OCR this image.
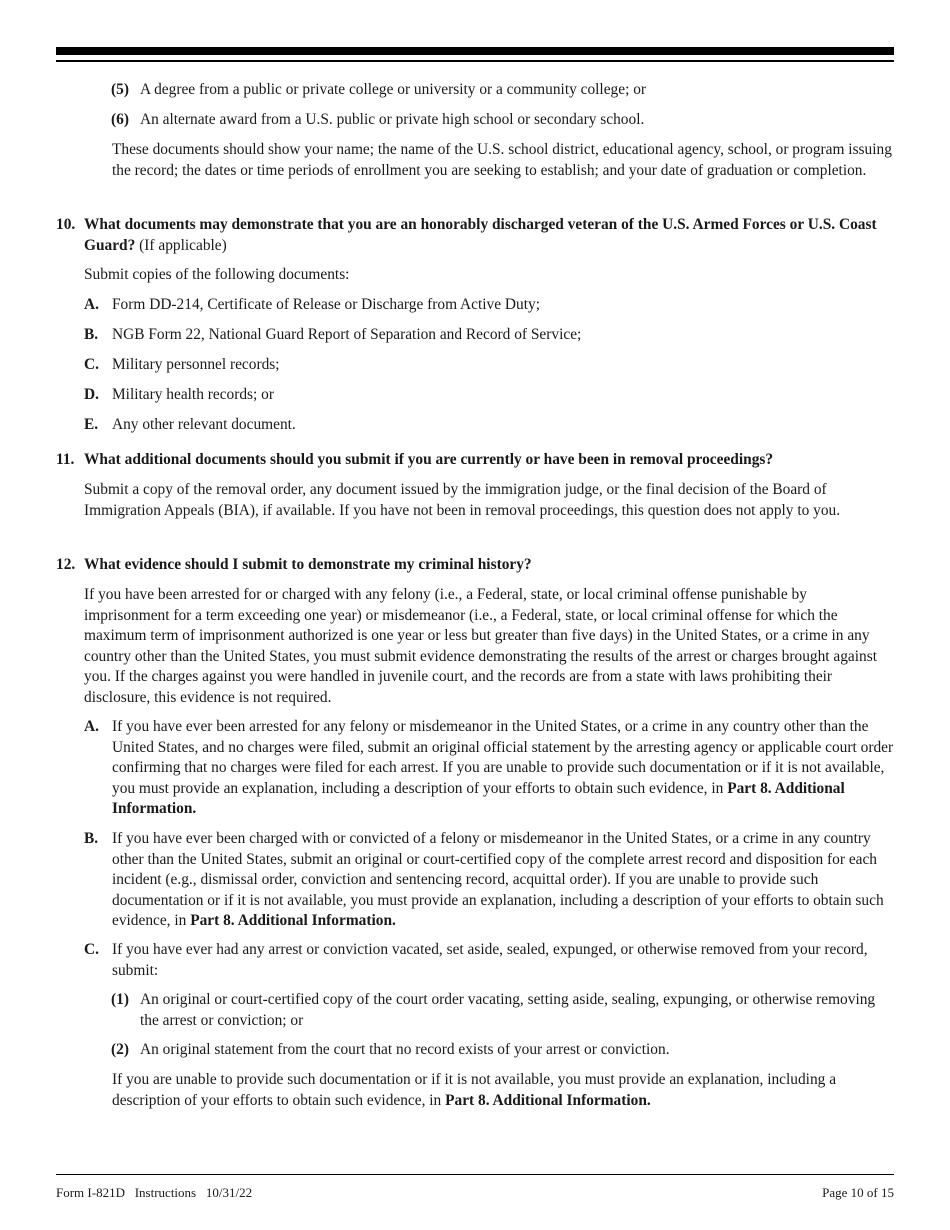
(5) A degree from a public or private college or university or a community college; or
(6) An alternate award from a U.S. public or private high school or secondary school.
These documents should show your name; the name of the U.S. school district, educational agency, school, or program issuing the record; the dates or time periods of enrollment you are seeking to establish; and your date of graduation or completion.
10. What documents may demonstrate that you are an honorably discharged veteran of the U.S. Armed Forces or U.S. Coast Guard? (If applicable)
Submit copies of the following documents:
A. Form DD-214, Certificate of Release or Discharge from Active Duty;
B. NGB Form 22, National Guard Report of Separation and Record of Service;
C. Military personnel records;
D. Military health records; or
E. Any other relevant document.
11. What additional documents should you submit if you are currently or have been in removal proceedings?
Submit a copy of the removal order, any document issued by the immigration judge, or the final decision of the Board of Immigration Appeals (BIA), if available. If you have not been in removal proceedings, this question does not apply to you.
12. What evidence should I submit to demonstrate my criminal history?
If you have been arrested for or charged with any felony (i.e., a Federal, state, or local criminal offense punishable by imprisonment for a term exceeding one year) or misdemeanor (i.e., a Federal, state, or local criminal offense for which the maximum term of imprisonment authorized is one year or less but greater than five days) in the United States, or a crime in any country other than the United States, you must submit evidence demonstrating the results of the arrest or charges brought against you. If the charges against you were handled in juvenile court, and the records are from a state with laws prohibiting their disclosure, this evidence is not required.
A. If you have ever been arrested for any felony or misdemeanor in the United States, or a crime in any country other than the United States, and no charges were filed, submit an original official statement by the arresting agency or applicable court order confirming that no charges were filed for each arrest. If you are unable to provide such documentation or if it is not available, you must provide an explanation, including a description of your efforts to obtain such evidence, in Part 8. Additional Information.
B. If you have ever been charged with or convicted of a felony or misdemeanor in the United States, or a crime in any country other than the United States, submit an original or court-certified copy of the complete arrest record and disposition for each incident (e.g., dismissal order, conviction and sentencing record, acquittal order). If you are unable to provide such documentation or if it is not available, you must provide an explanation, including a description of your efforts to obtain such evidence, in Part 8. Additional Information.
C. If you have ever had any arrest or conviction vacated, set aside, sealed, expunged, or otherwise removed from your record, submit:
(1) An original or court-certified copy of the court order vacating, setting aside, sealing, expunging, or otherwise removing the arrest or conviction; or
(2) An original statement from the court that no record exists of your arrest or conviction.
If you are unable to provide such documentation or if it is not available, you must provide an explanation, including a description of your efforts to obtain such evidence, in Part 8. Additional Information.
Form I-821D   Instructions   10/31/22	Page 10 of 15
